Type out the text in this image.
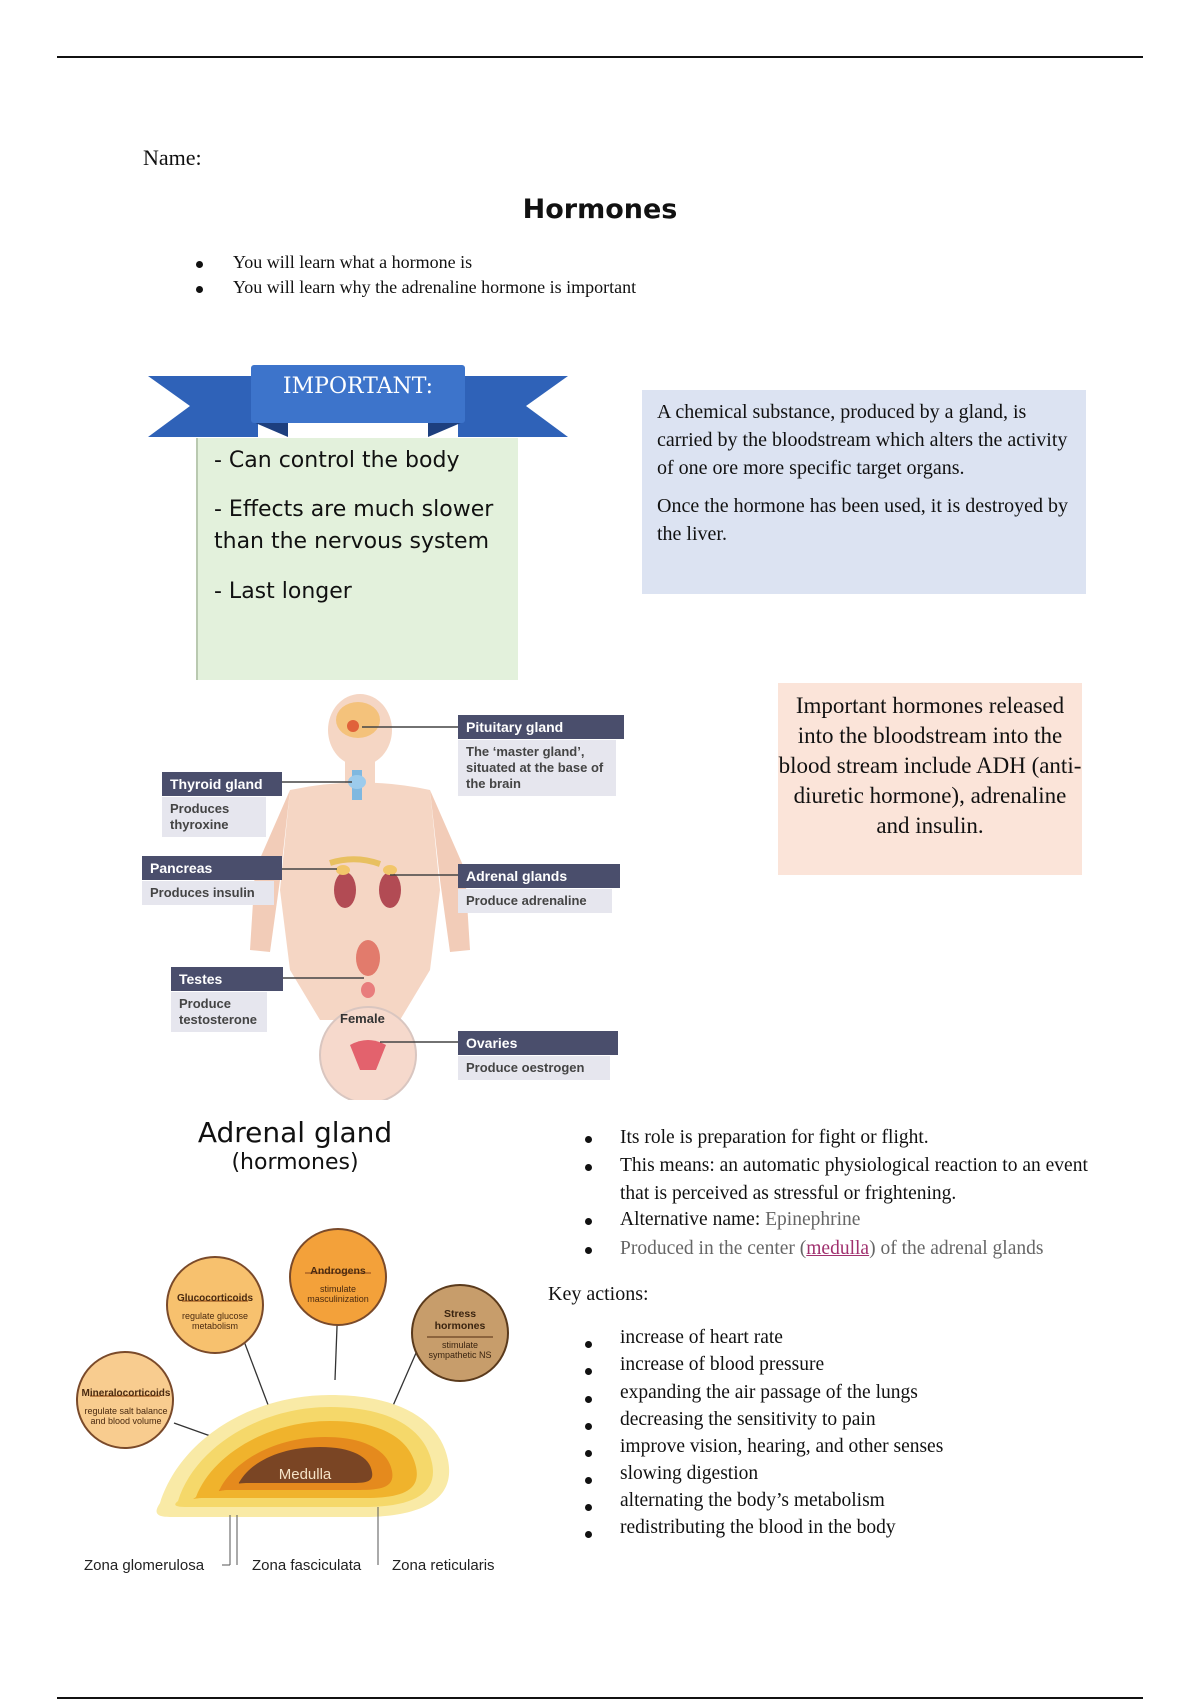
Name:
Hormones
You will learn what a hormone is
You will learn why the adrenaline hormone is important
IMPORTANT:
- Can control the body
- Effects are much slower
than the nervous system
- Last longer

A chemical substance, produced by a gland, is carried by the bloodstream which alters the activity of one ore more specific target organs.

Once the hormone has been used, it is destroyed by the liver.

Important hormones released into the bloodstream into the blood stream include ADH (anti-diuretic hormone), adrenaline and insulin.
Female
Pituitary gland
The ‘master gland’, situated at the base of the brain
Thyroid gland
Produces thyroxine
Pancreas
Produces insulin
Adrenal glands
Produce adrenaline
Testes
Produce testosterone
Ovaries
Produce oestrogen
Adrenal gland
(hormones)
Mineralocorticoids
regulate salt balance and blood volume
Glucocorticoids
regulate glucose metabolism
Androgens
stimulate masculinization
Stress hormones
stimulate sympathetic NS
Medulla
Zona glomerulosa	Zona fasciculata Zona reticularis
Its role is preparation for fight or flight.
This means: an automatic physiological reaction to an event
that is perceived as stressful or frightening.
Alternative name: Epinephrine
Produced in the center (medulla) of the adrenal glands
Key actions:
increase of heart rate
increase of blood pressure
expanding the air passage of the lungs
decreasing the sensitivity to pain
improve vision, hearing, and other senses
slowing digestion
alternating the body’s metabolism
redistributing the blood in the body
